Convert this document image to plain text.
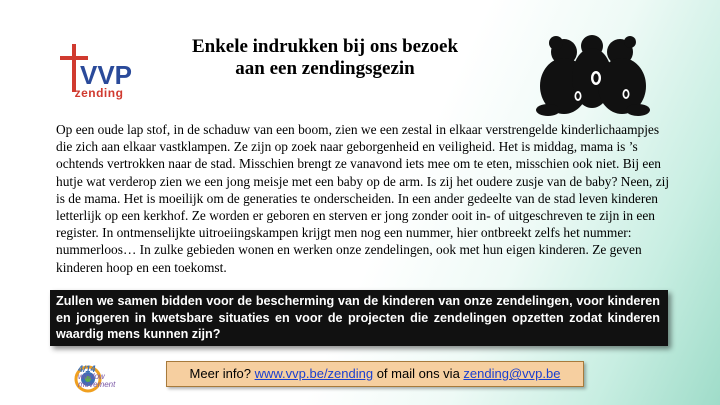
VVP
zending
Enkele indrukken bij ons bezoek
aan een zendingsgezin
Op een oude lap stof, in de schaduw van een boom, zien we een zestal in elkaar verstrengelde kinderlichaampjes die zich aan elkaar vastklampen. Ze zijn op zoek naar geborgenheid en veiligheid. Het is middag, mama is ’s ochtends vertrokken naar de stad. Misschien brengt ze vanavond iets mee om te eten, misschien ook niet. Bij een hutje wat verderop zien we een jong meisje met een baby op de arm. Is zij het oudere zusje van de baby? Neen, zij is de mama. Het is moeilijk om de generaties te onderscheiden. In een ander gedeelte van de stad leven kinderen letterlijk op een kerkhof. Ze worden er geboren en sterven er jong zonder ooit in- of uitgeschreven te zijn in een register. In ontmenselijkte uitroeiingskampen krijgt men nog een nummer, hier ontbreekt zelfs het nummer: nummerloos… In zulke gebieden wonen en werken onze zendelingen, ook met hun eigen kinderen. Ze geven kinderen hoop en een toekomst.
Zullen we samen bidden voor de bescherming van de kinderen van onze zendelingen, voor kinderen en jongeren in kwetsbare situaties en voor de projecten die zendelingen opzetten zodat kinderen waardig mens kunnen zijn?
4/14
window
movement
Meer info? www.vvp.be/zending of mail ons via zending@vvp.be
